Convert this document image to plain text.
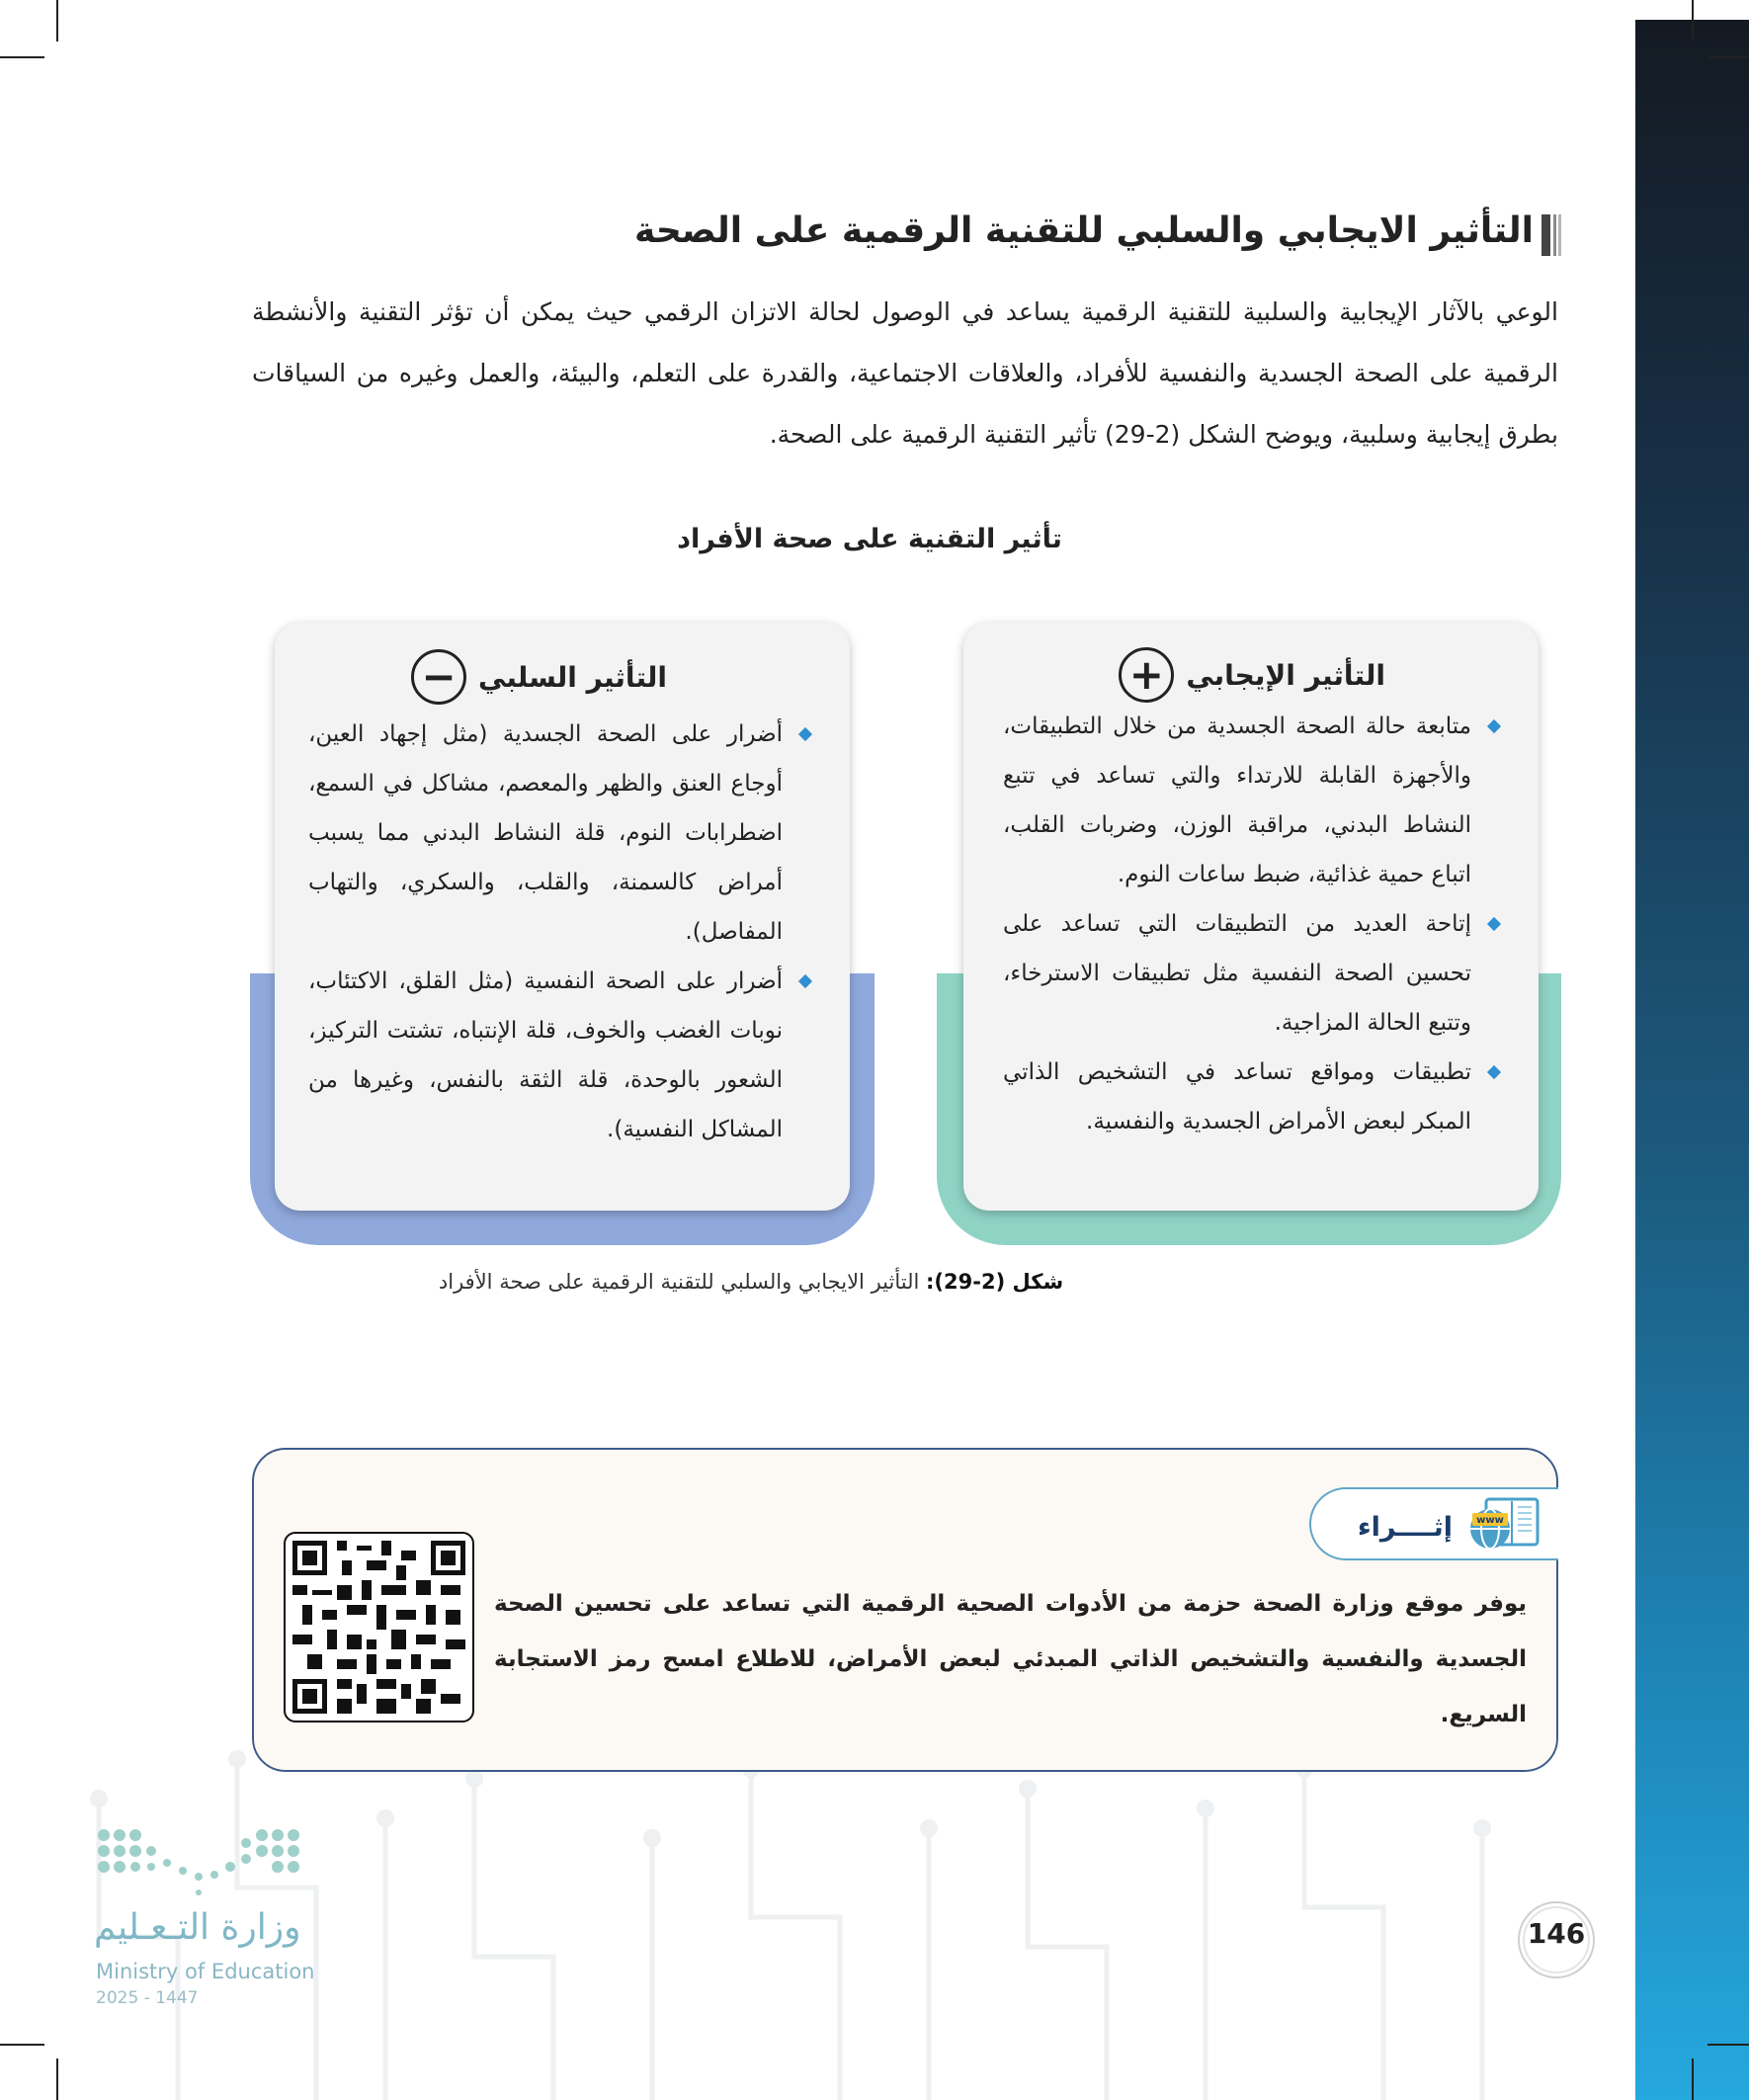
التأثير الايجابي والسلبي للتقنية الرقمية على الصحة

الوعي بالآثار الإيجابية والسلبية للتقنية الرقمية يساعد في الوصول لحالة الاتزان الرقمي حيث يمكن أن تؤثر التقنية والأنشطة الرقمية على الصحة الجسدية والنفسية للأفراد، والعلاقات الاجتماعية، والقدرة على التعلم، والبيئة، والعمل وغيره من السياقات بطرق إيجابية وسلبية، ويوضح الشكل (2-29) تأثير التقنية الرقمية على الصحة.

تأثير التقنية على صحة الأفراد
التأثير الإيجابي
+
متابعة حالة الصحة الجسدية من خلال التطبيقات، والأجهزة القابلة للارتداء والتي تساعد في تتبع النشاط البدني، مراقبة الوزن، وضربات القلب، اتباع حمية غذائية، ضبط ساعات النوم.
إتاحة العديد من التطبيقات التي تساعد على تحسين الصحة النفسية مثل تطبيقات الاسترخاء، وتتبع الحالة المزاجية.
تطبيقات ومواقع تساعد في التشخيص الذاتي المبكر لبعض الأمراض الجسدية والنفسية.
التأثير السلبي
−
أضرار على الصحة الجسدية (مثل إجهاد العين، أوجاع العنق والظهر والمعصم، مشاكل في السمع، اضطرابات النوم، قلة النشاط البدني مما يسبب أمراض كالسمنة، والقلب، والسكري، والتهاب المفاصل).
أضرار على الصحة النفسية (مثل القلق، الاكتئاب، نوبات الغضب والخوف، قلة الإنتباه، تشتت التركيز، الشعور بالوحدة، قلة الثقة بالنفس، وغيرها من المشاكل النفسية).

شكل (2-29): التأثير الايجابي والسلبي للتقنية الرقمية على صحة الأفراد

إثــــراء www

يوفر موقع وزارة الصحة حزمة من الأدوات الصحية الرقمية التي تساعد على تحسين الصحة الجسدية والنفسية والتشخيص الذاتي المبدئي لبعض الأمراض، للاطلاع امسح رمز الاستجابة السريع.

146
وزارة التـعـليم
Ministry of Education
2025 - 1447
